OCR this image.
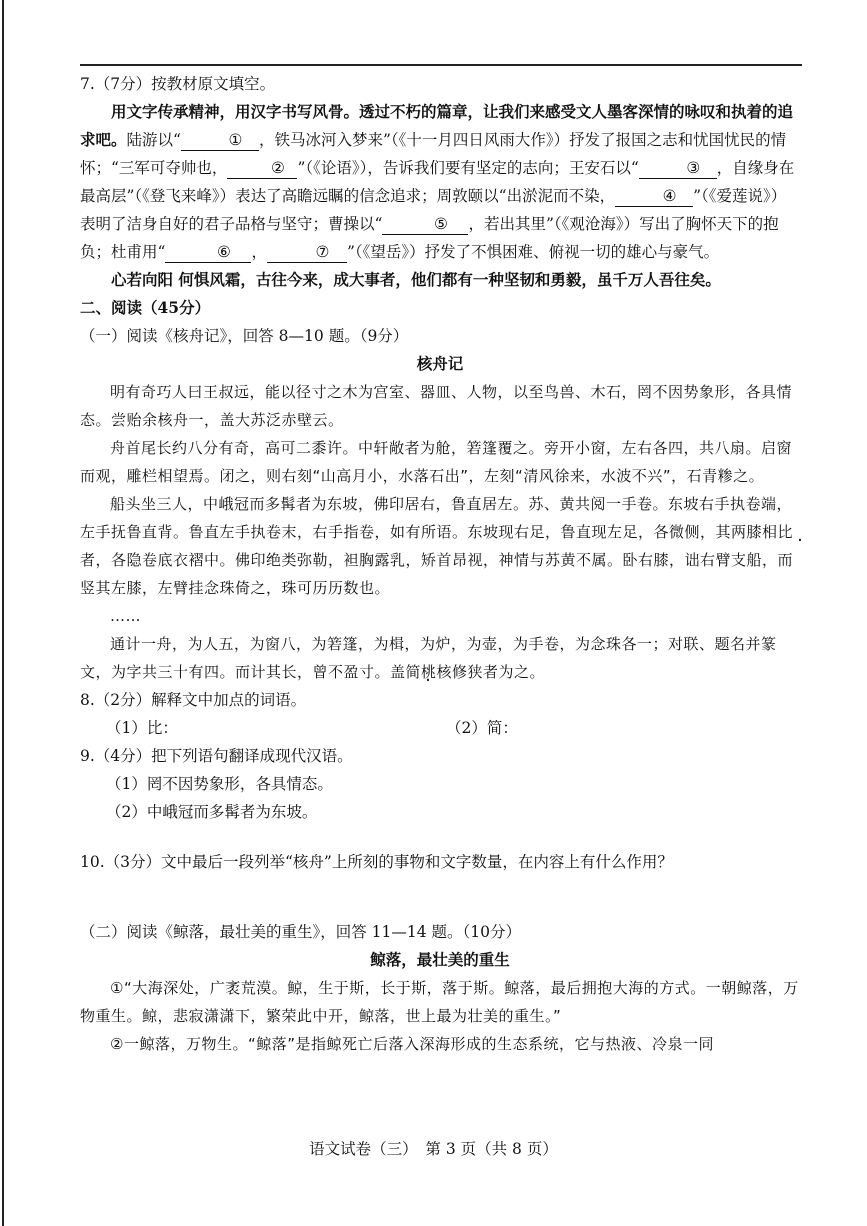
7.（7分）按教材原文填空。

用文字传承精神，用汉字书写风骨。透过不朽的篇章，让我们来感受文人墨客深情的咏叹和执着的追求吧。陆游以“	① ，铁马冰河入梦来”（《十一月四日风雨大作》）抒发了报国之志和忧国忧民的情怀；“三军可夺帅也，	② ”（《论语》），告诉我们要有坚定的志向；王安石以“	③ ，自缘身在最高层”（《登飞来峰》）表达了高瞻远瞩的信念追求；周敦颐以“出淤泥而不染，	④ ”（《爱莲说》）表明了洁身自好的君子品格与坚守；曹操以“	⑤ ，若出其里”（《观沧海》）写出了胸怀天下的抱负；杜甫用“	⑥ ，	⑦ ”（《望岳》）抒发了不惧困难、俯视一切的雄心与豪气。

心若向阳 何惧风霜，古往今来，成大事者，他们都有一种坚韧和勇毅，虽千万人吾往矣。

二、阅读（45分）

（一）阅读《核舟记》，回答 8—10 题。（9分）

核舟记

明有奇巧人曰王叔远，能以径寸之木为宫室、器皿、人物，以至鸟兽、木石，罔不因势象形，各具情态。尝贻余核舟一，盖大苏泛赤壁云。

舟首尾长约八分有奇，高可二黍许。中轩敞者为舱，箬篷覆之。旁开小窗，左右各四，共八扇。启窗而观，雕栏相望焉。闭之，则右刻“山高月小，水落石出”，左刻“清风徐来，水波不兴”，石青糁之。

船头坐三人，中峨冠而多髯者为东坡，佛印居右，鲁直居左。苏、黄共阅一手卷。东坡右手执卷端，左手抚鲁直背。鲁直左手执卷末，右手指卷，如有所语。东坡现右足，鲁直现左足，各微侧，其两膝相比者，各隐卷底衣褶中。佛印绝类弥勒，袒胸露乳，矫首昂视，神情与苏黄不属。卧右膝，诎右臂支船，而竖其左膝，左臂挂念珠倚之，珠可历历数也。

……

通计一舟，为人五，为窗八，为箬篷，为楫，为炉，为壶，为手卷，为念珠各一；对联、题名并篆文，为字共三十有四。而计其长，曾不盈寸。盖简桃核修狭者为之。

8.（2分）解释文中加点的词语。

（1）比：	（2）简：

9.（4分）把下列语句翻译成现代汉语。

（1）罔不因势象形，各具情态。

（2）中峨冠而多髯者为东坡。

10.（3分）文中最后一段列举“核舟”上所刻的事物和文字数量，在内容上有什么作用？

（二）阅读《鲸落，最壮美的重生》，回答 11—14 题。（10分）

鲸落，最壮美的重生

①“大海深处，广袤荒漠。鲸，生于斯，长于斯，落于斯。鲸落，最后拥抱大海的方式。一朝鲸落，万物重生。鲸，悲寂潇潇下，繁荣此中开，鲸落，世上最为壮美的重生。”

②一鲸落，万物生。“鲸落”是指鲸死亡后落入深海形成的生态系统，它与热液、冷泉一同

语文试卷（三）　第 3 页（共 8 页）
